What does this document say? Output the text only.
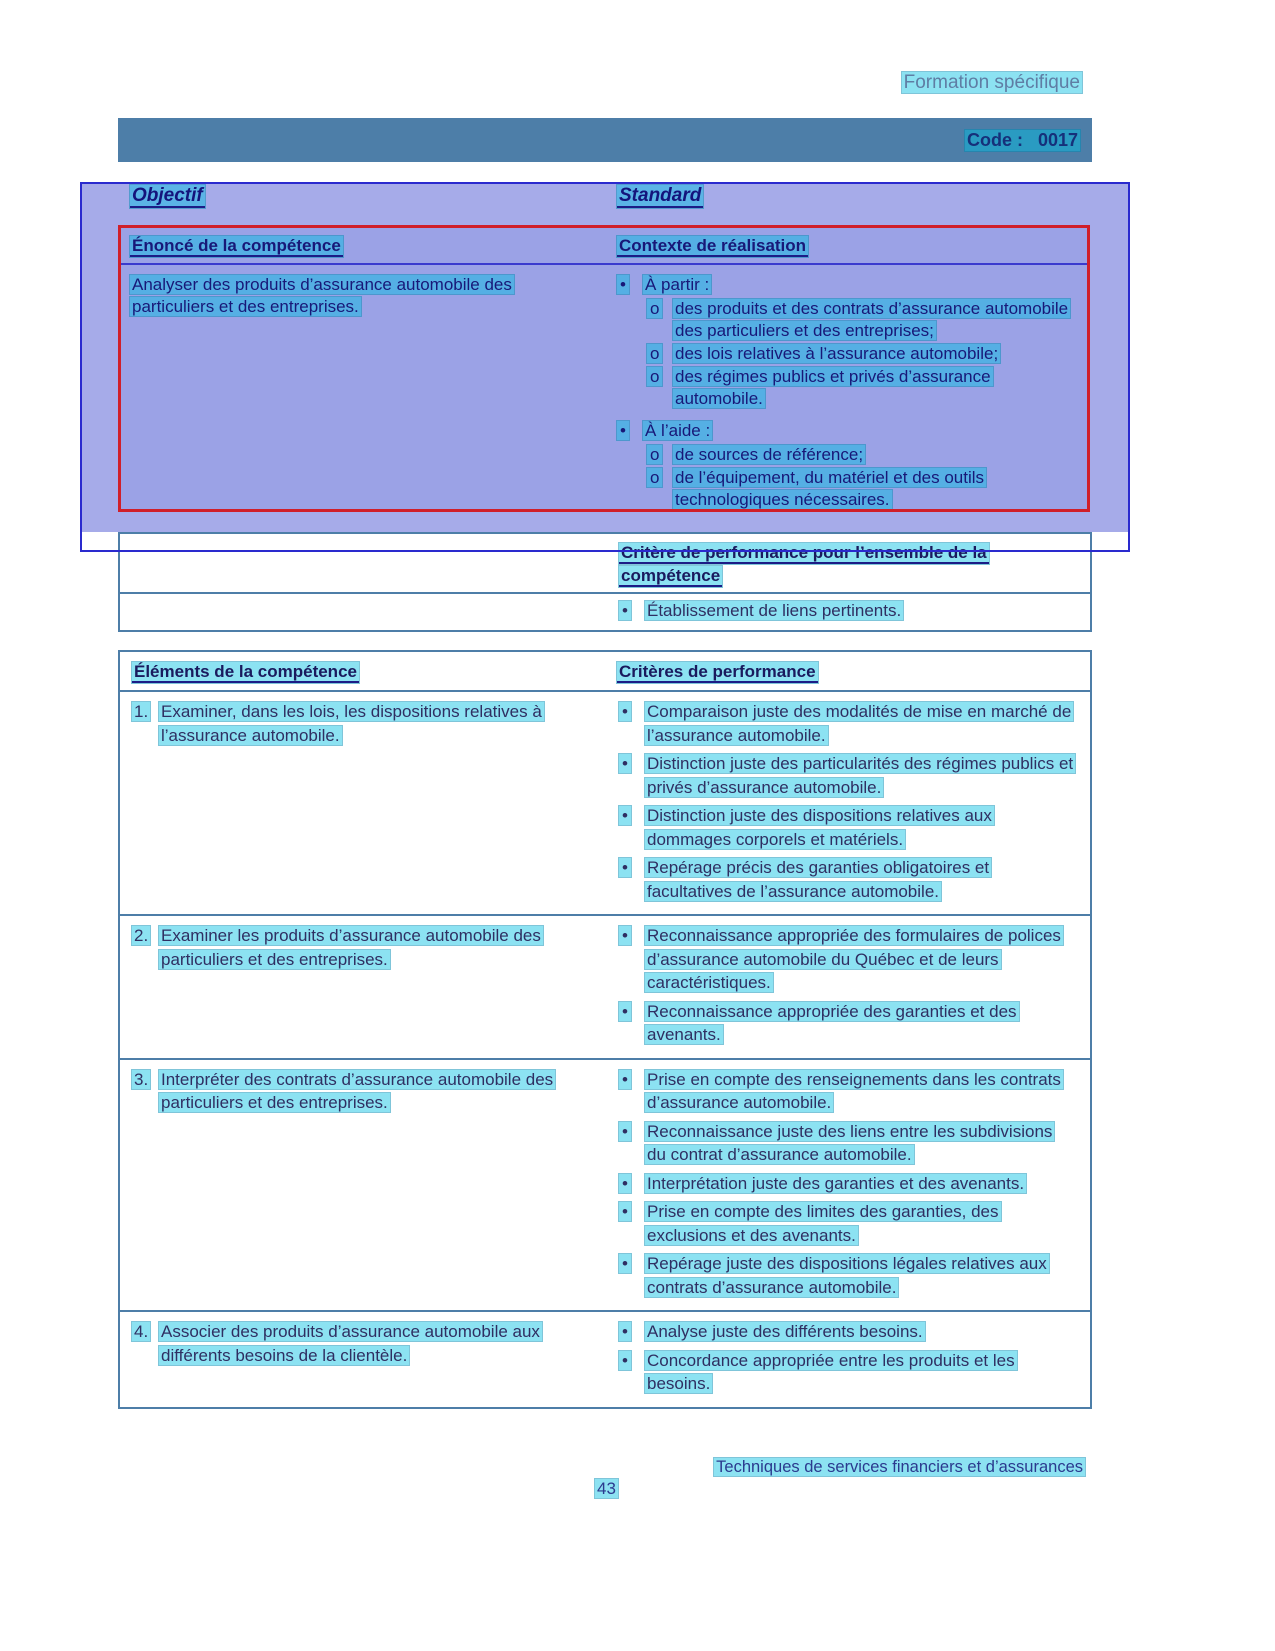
Formation spécifique
Code :   0017
Objectif	Standard
Énoncé de la compétence	Contexte de réalisation
Analyser des produits d’assurance automobile des particuliers et des entreprises.
•	À partir :
o des produits et des contrats d’assurance automobile des particuliers et des entreprises;
o des lois relatives à l’assurance automobile;
o des régimes publics et privés d’assurance automobile.
•	À l’aide :
o de sources de référence;
o de l’équipement, du matériel et des outils technologiques nécessaires.
Critère de performance pour l’ensemble de la compétence
•	Établissement de liens pertinents.
Éléments de la compétence	Critères de performance
1. Examiner, dans les lois, les dispositions relatives à l’assurance automobile.
•	Comparaison juste des modalités de mise en marché de l’assurance automobile.
•	Distinction juste des particularités des régimes publics et privés d’assurance automobile.
•	Distinction juste des dispositions relatives aux dommages corporels et matériels.
•	Repérage précis des garanties obligatoires et facultatives de l’assurance automobile.
2. Examiner les produits d’assurance automobile des particuliers et des entreprises.
•	Reconnaissance appropriée des formulaires de polices d’assurance automobile du Québec et de leurs caractéristiques.
•	Reconnaissance appropriée des garanties et des avenants.
3. Interpréter des contrats d’assurance automobile des particuliers et des entreprises.
•	Prise en compte des renseignements dans les contrats d’assurance automobile.
•	Reconnaissance juste des liens entre les subdivisions du contrat d’assurance automobile.
•	Interprétation juste des garanties et des avenants.
•	Prise en compte des limites des garanties, des exclusions et des avenants.
•	Repérage juste des dispositions légales relatives aux contrats d’assurance automobile.
4. Associer des produits d’assurance automobile aux différents besoins de la clientèle.
•	Analyse juste des différents besoins.
•	Concordance appropriée entre les produits et les besoins.
Techniques de services financiers et d’assurances
43
